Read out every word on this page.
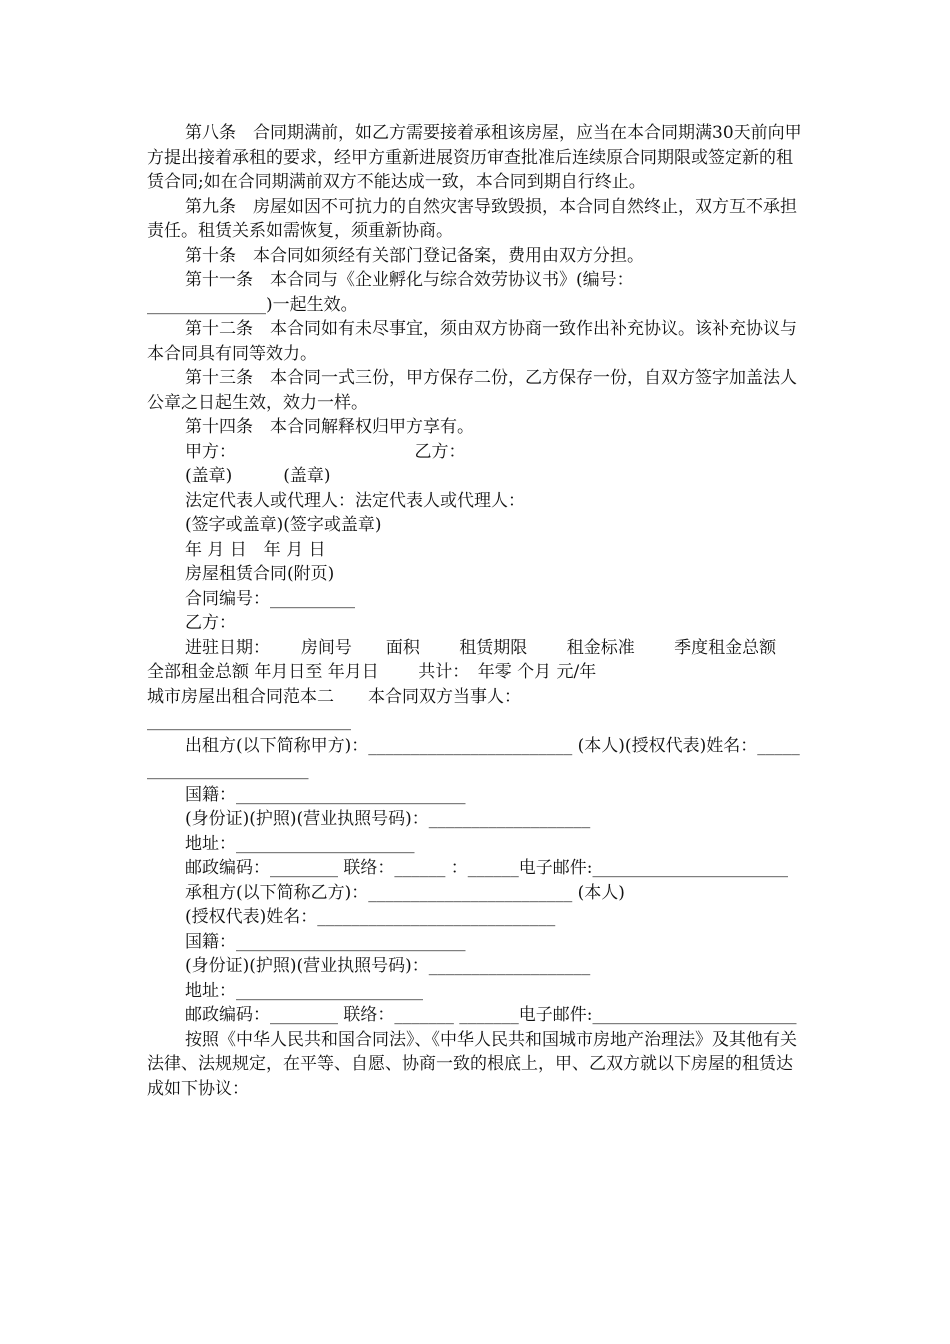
第八条　合同期满前，如乙方需要接着承租该房屋，应当在本合同期满30天前向甲方提出接着承租的要求，经甲方重新进展资历审查批准后连续原合同期限或签定新的租赁合同;如在合同期满前双方不能达成一致，本合同到期自行终止。

第九条　房屋如因不可抗力的自然灾害导致毁损，本合同自然终止，双方互不承担责任。租赁关系如需恢复，须重新协商。

第十条　本合同如须经有关部门登记备案，费用由双方分担。

第十一条　本合同与《企业孵化与综合效劳协议书》(编号：

______________)一起生效。

第十二条　本合同如有未尽事宜，须由双方协商一致作出补充协议。该补充协议与本合同具有同等效力。

第十三条　本合同一式三份，甲方保存二份，乙方保存一份，自双方签字加盖法人公章之日起生效，效力一样。

第十四条　本合同解释权归甲方享有。

甲方：　　　　　　　　　　　乙方：

(盖章)　　　(盖章)

法定代表人或代理人：法定代表人或代理人：

(签字或盖章)(签字或盖章)

年 月 日　年 月 日

房屋租赁合同(附页)

合同编号：__________

乙方：

进驻日期：　　 房间号　　面积　　 租赁期限　　 租金标准　　 季度租金总额　　 全部租金总额 年月日至 年月日　　 共计：　年零 个月 元/年

城市房屋出租合同范本二　　本合同双方当事人：

________________________

出租方(以下简称甲方)：________________________ (本人)(授权代表)姓名：________________________

国籍：___________________________

(身份证)(护照)(营业执照号码)：___________________

地址：_____________________

邮政编码：________ 联络：______ ：______电子邮件:_______________________

承租方(以下简称乙方)：________________________ (本人)

(授权代表)姓名：____________________________

国籍：___________________________

(身份证)(护照)(营业执照号码)：___________________

地址：______________________

邮政编码：________ 联络：_______ _______电子邮件:________________________

按照《中华人民共和国合同法》、《中华人民共和国城市房地产治理法》及其他有关法律、法规规定，在平等、自愿、协商一致的根底上，甲、乙双方就以下房屋的租赁达成如下协议：
